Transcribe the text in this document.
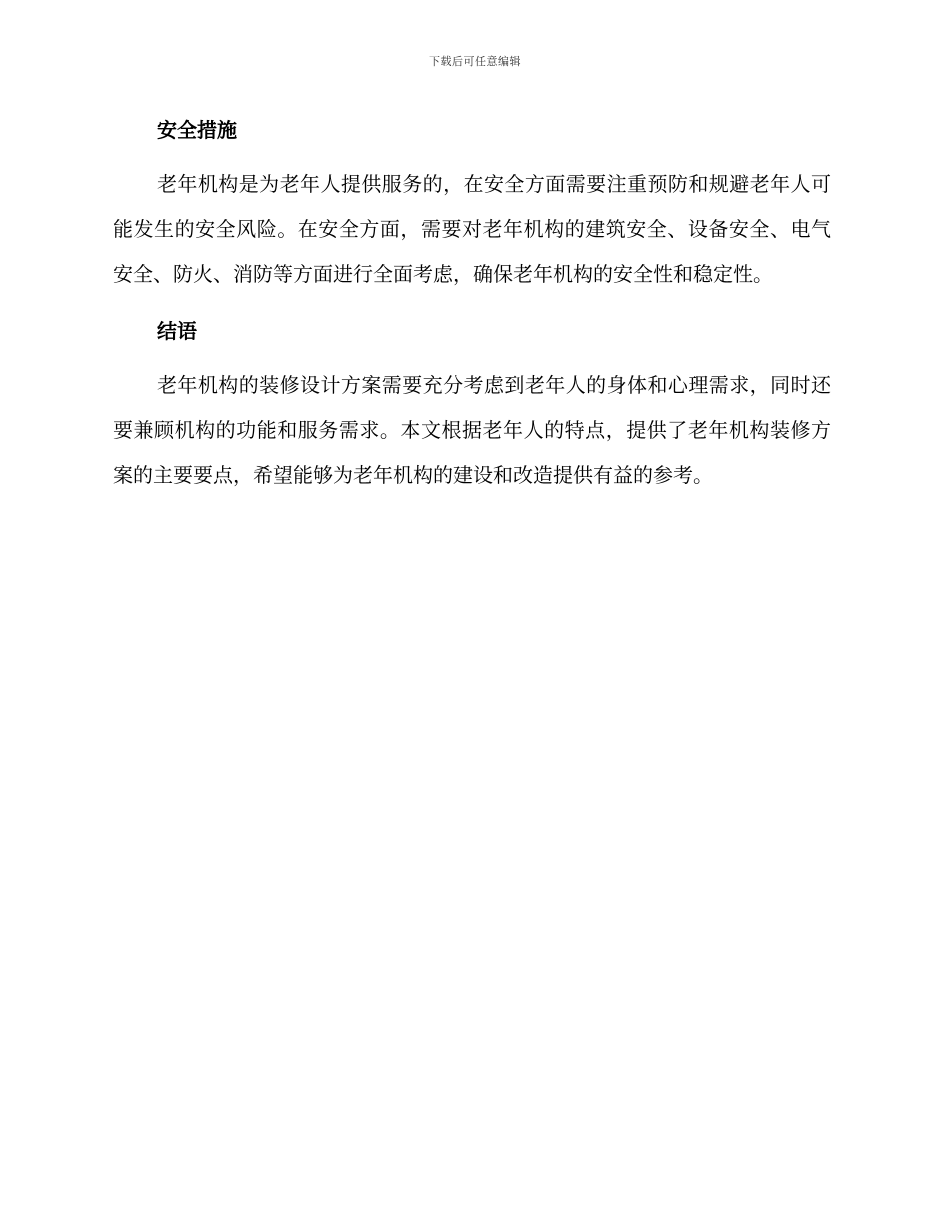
下载后可任意编辑
安全措施

老年机构是为老年人提供服务的，在安全方面需要注重预防和规避老年人可能发生的安全风险。在安全方面，需要对老年机构的建筑安全、设备安全、电气安全、防火、消防等方面进行全面考虑，确保老年机构的安全性和稳定性。

结语

老年机构的装修设计方案需要充分考虑到老年人的身体和心理需求，同时还要兼顾机构的功能和服务需求。本文根据老年人的特点，提供了老年机构装修方案的主要要点，希望能够为老年机构的建设和改造提供有益的参考。
